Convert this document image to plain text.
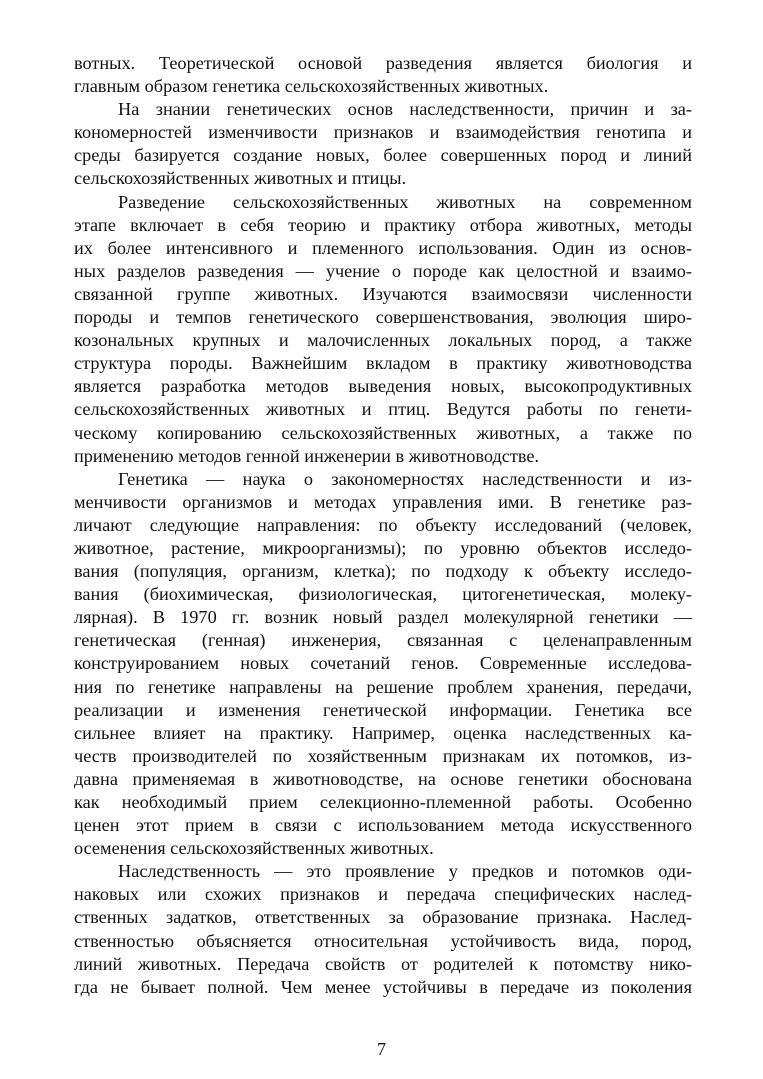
вотных. Теоретической основой разведения является биология и
главным образом генетика сельскохозяйственных животных.
На знании генетических основ наследственности, причин и за-
кономерностей изменчивости признаков и взаимодействия генотипа и
среды базируется создание новых, более совершенных пород и линий
сельскохозяйственных животных и птицы.
Разведение сельскохозяйственных животных на современном
этапе включает в себя теорию и практику отбора животных, методы
их более интенсивного и племенного использования. Один из основ-
ных разделов разведения — учение о породе как целостной и взаимо-
связанной группе животных. Изучаются взаимосвязи численности
породы и темпов генетического совершенствования, эволюция широ-
козональных крупных и малочисленных локальных пород, а также
структура породы. Важнейшим вкладом в практику животноводства
является разработка методов выведения новых, высокопродуктивных
сельскохозяйственных животных и птиц. Ведутся работы по генети-
ческому копированию сельскохозяйственных животных, а также по
применению методов генной инженерии в животноводстве.
Генетика — наука о закономерностях наследственности и из-
менчивости организмов и методах управления ими. В генетике раз-
личают следующие направления: по объекту исследований (человек,
животное, растение, микроорганизмы); по уровню объектов исследо-
вания (популяция, организм, клетка); по подходу к объекту исследо-
вания (биохимическая, физиологическая, цитогенетическая, молеку-
лярная). В 1970 гг. возник новый раздел молекулярной генетики —
генетическая (генная) инженерия, связанная с целенаправленным
конструированием новых сочетаний генов. Современные исследова-
ния по генетике направлены на решение проблем хранения, передачи,
реализации и изменения генетической информации. Генетика все
сильнее влияет на практику. Например, оценка наследственных ка-
честв производителей по хозяйственным признакам их потомков, из-
давна применяемая в животноводстве, на основе генетики обоснована
как необходимый прием селекционно-племенной работы. Особенно
ценен этот прием в связи с использованием метода искусственного
осеменения сельскохозяйственных животных.
Наследственность — это проявление у предков и потомков оди-
наковых или схожих признаков и передача специфических наслед-
ственных задатков, ответственных за образование признака. Наслед-
ственностью объясняется относительная устойчивость вида, пород,
линий животных. Передача свойств от родителей к потомству нико-
гда не бывает полной. Чем менее устойчивы в передаче из поколения
7
